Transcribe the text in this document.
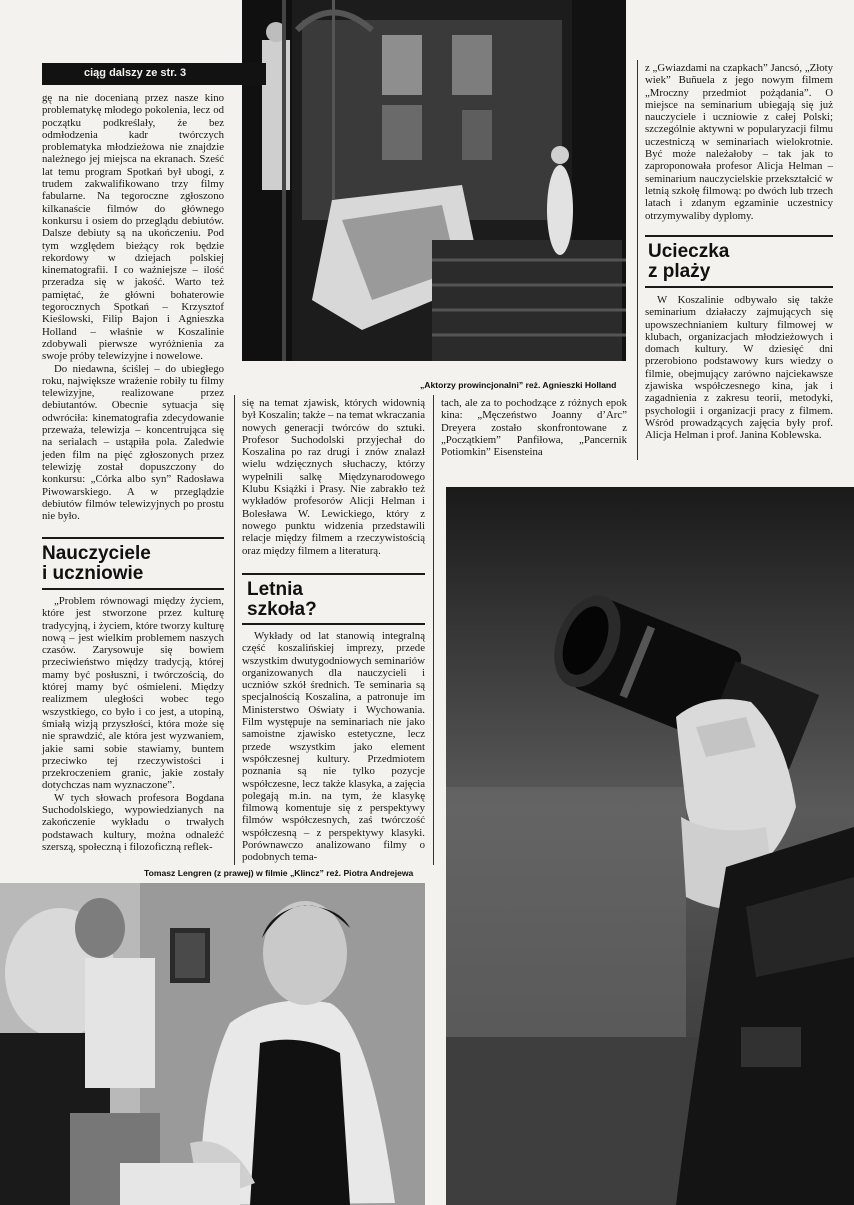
„Aktorzy prowincjonalni” reż. Agnieszki Holland
ciąg dalszy ze str. 3

gę na nie docenianą przez nasze kino problematykę młodego pokolenia, lecz od początku podkreślały, że bez odmłodzenia kadr twórczych problematyka młodzieżowa nie znajdzie należnego jej miejsca na ekranach. Sześć lat temu program Spotkań był ubogi, z trudem zakwalifikowano trzy filmy fabularne. Na tegoroczne zgłoszono kilkanaście filmów do głównego konkursu i osiem do przeglądu debiutów. Dalsze debiuty są na ukończeniu. Pod tym względem bieżący rok będzie rekordowy w dziejach polskiej kinematografii. I co ważniejsze – ilość przeradza się w jakość. Warto też pamiętać, że główni bohaterowie tegorocznych Spotkań – Krzysztof Kieślowski, Filip Bajon i Agnieszka Holland – właśnie w Koszalinie zdobywali pierwsze wyróżnienia za swoje próby telewizyjne i nowelowe.

Do niedawna, ściślej – do ubiegłego roku, największe wrażenie robiły tu filmy telewizyjne, realizowane przez debiutantów. Obecnie sytuacja się odwróciła: kinematografia zdecydowanie przeważa, telewizja – koncentrująca się na serialach – ustąpiła pola. Zaledwie jeden film na pięć zgłoszonych przez telewizję został dopuszczony do konkursu: „Córka albo syn” Radosława Piwowarskiego. A w przeglądzie debiutów filmów telewizyjnych po prostu nie było.

Nauczyciele

i uczniowie

„Problem równowagi między życiem, które jest stworzone przez kulturę tradycyjną, i życiem, które tworzy kulturę nową – jest wielkim problemem naszych czasów. Zarysowuje się bowiem przeciwieństwo między tradycją, której mamy być posłuszni, i twórczością, do której mamy być ośmieleni. Między realizmem uległości wobec tego wszystkiego, co było i co jest, a utopiną, śmiałą wizją przyszłości, która może się nie sprawdzić, ale która jest wyzwaniem, jakie sami sobie stawiamy, buntem przeciwko tej rzeczywistości i przekroczeniem granic, jakie zostały dotychczas nam wyznaczone”.

W tych słowach profesora Bogdana Suchodolskiego, wypowiedzianych na zakończenie wykładu o trwałych podstawach kultury, można odnaleźć szerszą, społeczną i filozoficzną reflek-

się na temat zjawisk, których widownią był Koszalin; także – na temat wkraczania nowych generacji twórców do sztuki. Profesor Suchodolski przyjechał do Koszalina po raz drugi i znów znalazł wielu wdzięcznych słuchaczy, którzy wypełnili salkę Międzynarodowego Klubu Książki i Prasy. Nie zabrakło też wykładów profesorów Alicji Helman i Bolesława W. Lewickiego, który z nowego punktu widzenia przedstawili relacje między filmem a rzeczywistością oraz między filmem a literaturą.

Letnia

szkoła?

Wykłady od lat stanowią integralną część koszalińskiej imprezy, przede wszystkim dwutygodniowych seminariów organizowanych dla nauczycieli i uczniów szkół średnich. Te seminaria są specjalnością Koszalina, a patronuje im Ministerstwo Oświaty i Wychowania. Film występuje na seminariach nie jako samoistne zjawisko estetyczne, lecz przede wszystkim jako element współczesnej kultury. Przedmiotem poznania są nie tylko pozycje współczesne, lecz także klasyka, a zajęcia polegają m.in. na tym, że klasykę filmową komentuje się z perspektywy filmów współczesnych, zaś twórczość współczesną – z perspektywy klasyki. Porównawczo analizowano filmy o podobnych tema-

tach, ale za to pochodzące z różnych epok kina: „Męczeństwo Joanny d’Arc” Dreyera zostało skonfrontowane z „Początkiem” Panfiłowa, „Pancernik Potiomkin” Eisensteina

z „Gwiazdami na czapkach” Jancsó, „Złoty wiek” Buñuela z jego nowym filmem „Mroczny przedmiot pożądania”. O miejsce na seminarium ubiegają się już nauczyciele i uczniowie z całej Polski; szczególnie aktywni w popularyzacji filmu uczestniczą w seminariach wielokrotnie. Być może należałoby – tak jak to zaproponowała profesor Alicja Helman – seminarium nauczycielskie przekształcić w letnią szkołę filmową: po dwóch lub trzech latach i zdanym egzaminie uczestnicy otrzymywaliby dyplomy.

Ucieczka

z plaży

W Koszalinie odbywało się także seminarium działaczy zajmujących się upowszechnianiem kultury filmowej w klubach, organizacjach młodzieżowych i domach kultury. W dziesięć dni przerobiono podstawowy kurs wiedzy o filmie, obejmujący zarówno najciekawsze zjawiska współczesnego kina, jak i zagadnienia z zakresu teorii, metodyki, psychologii i organizacji pracy z filmem. Wśród prowadzących zajęcia były prof. Alicja Helman i prof. Janina Koblewska.

Tomasz Lengren (z prawej) w filmie „Klincz” reż. Piotra Andrejewa
